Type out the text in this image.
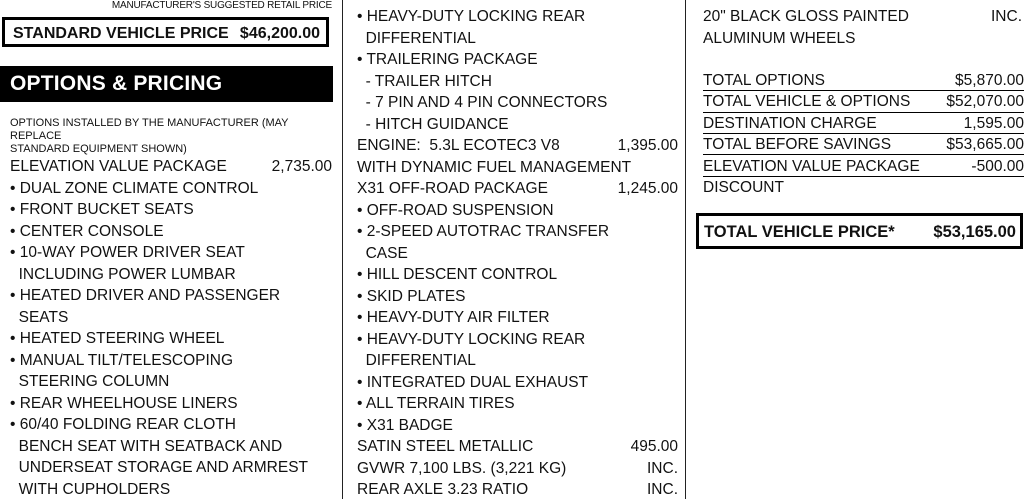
MANUFACTURER'S SUGGESTED RETAIL PRICE
STANDARD VEHICLE PRICE $46,200.00
OPTIONS & PRICING
OPTIONS INSTALLED BY THE MANUFACTURER (MAY REPLACE
STANDARD EQUIPMENT SHOWN)
ELEVATION VALUE PACKAGE	2,735.00
• DUAL ZONE CLIMATE CONTROL
• FRONT BUCKET SEATS
• CENTER CONSOLE
• 10-WAY POWER DRIVER SEAT
INCLUDING POWER LUMBAR
• HEATED DRIVER AND PASSENGER
SEATS
• HEATED STEERING WHEEL
• MANUAL TILT/TELESCOPING
STEERING COLUMN
• REAR WHEELHOUSE LINERS
• 60/40 FOLDING REAR CLOTH
BENCH SEAT WITH SEATBACK AND
UNDERSEAT STORAGE AND ARMREST
WITH CUPHOLDERS
• HEAVY-DUTY LOCKING REAR
DIFFERENTIAL
• TRAILERING PACKAGE
- TRAILER HITCH
- 7 PIN AND 4 PIN CONNECTORS
- HITCH GUIDANCE
ENGINE:  5.3L ECOTEC3 V8	1,395.00
WITH DYNAMIC FUEL MANAGEMENT
X31 OFF-ROAD PACKAGE	1,245.00
• OFF-ROAD SUSPENSION
• 2-SPEED AUTOTRAC TRANSFER
CASE
• HILL DESCENT CONTROL
• SKID PLATES
• HEAVY-DUTY AIR FILTER
• HEAVY-DUTY LOCKING REAR
DIFFERENTIAL
• INTEGRATED DUAL EXHAUST
• ALL TERRAIN TIRES
• X31 BADGE
SATIN STEEL METALLIC	495.00
GVWR 7,100 LBS. (3,221 KG)	INC.
REAR AXLE 3.23 RATIO	INC.
20" BLACK GLOSS PAINTED	INC.
ALUMINUM WHEELS
TOTAL OPTIONS	$5,870.00
TOTAL VEHICLE & OPTIONS $52,070.00
DESTINATION CHARGE	1,595.00
TOTAL BEFORE SAVINGS	$53,665.00
ELEVATION VALUE PACKAGE	-500.00
DISCOUNT
TOTAL VEHICLE PRICE* $53,165.00
